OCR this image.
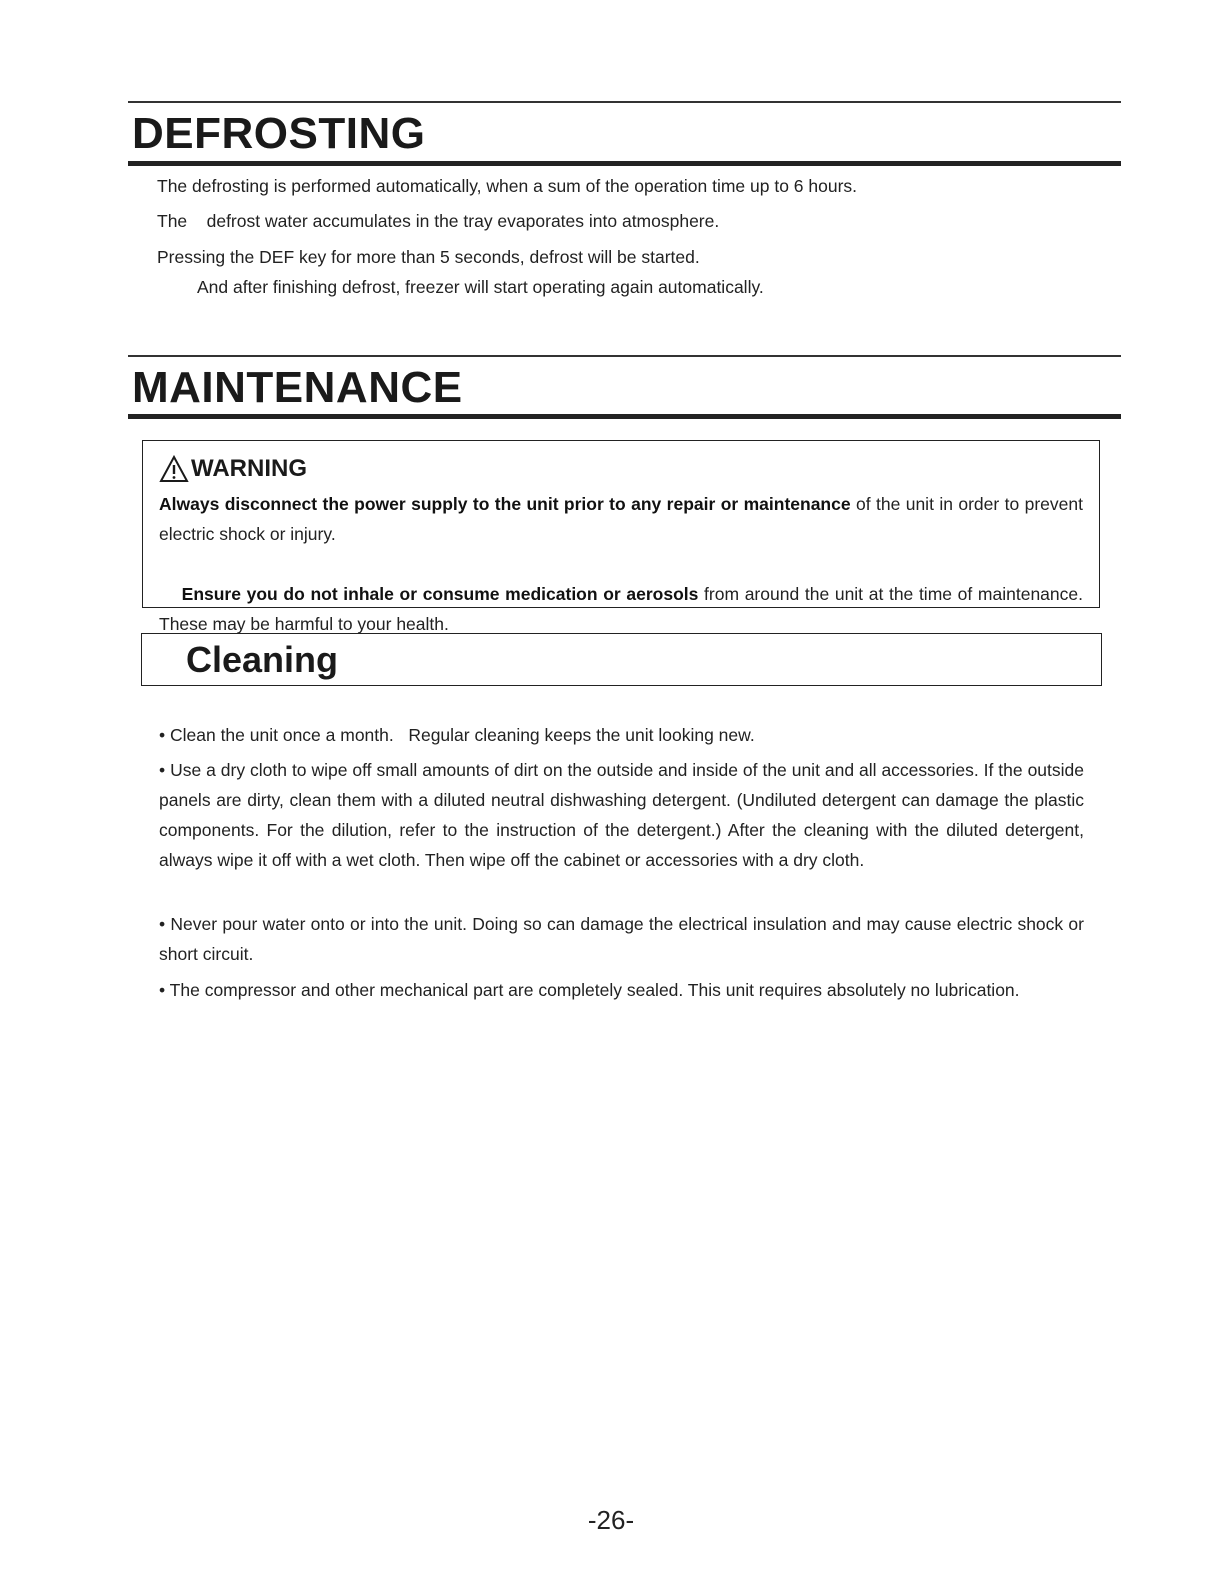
DEFROSTING

The defrosting is performed automatically, when a sum of the operation time up to 6 hours.

The    defrost water accumulates in the tray evaporates into atmosphere.

Pressing the DEF key for more than 5 seconds, defrost will be started.

And after finishing defrost, freezer will start operating again automatically.

MAINTENANCE
WARNING

Always disconnect the power supply to the unit prior to any repair or maintenance of the unit in order to prevent electric shock or injury.

Ensure you do not inhale or consume medication or aerosols from around the unit at the time of maintenance.   These may be harmful to your health.

Cleaning

• Clean the unit once a month.   Regular cleaning keeps the unit looking new.

• Use a dry cloth to wipe off small amounts of dirt on the outside and inside of the unit and all accessories. If the outside panels are dirty, clean them with a diluted neutral dishwashing detergent. (Undiluted detergent can damage the plastic components. For the dilution, refer to the instruction of the detergent.) After the cleaning with the diluted detergent, always wipe it off with a wet cloth. Then wipe off the cabinet or accessories with a dry cloth.

• Never pour water onto or into the unit. Doing so can damage the electrical insulation and may cause electric shock or short circuit.

• The compressor and other mechanical part are completely sealed. This unit requires absolutely no lubrication.

-26-
